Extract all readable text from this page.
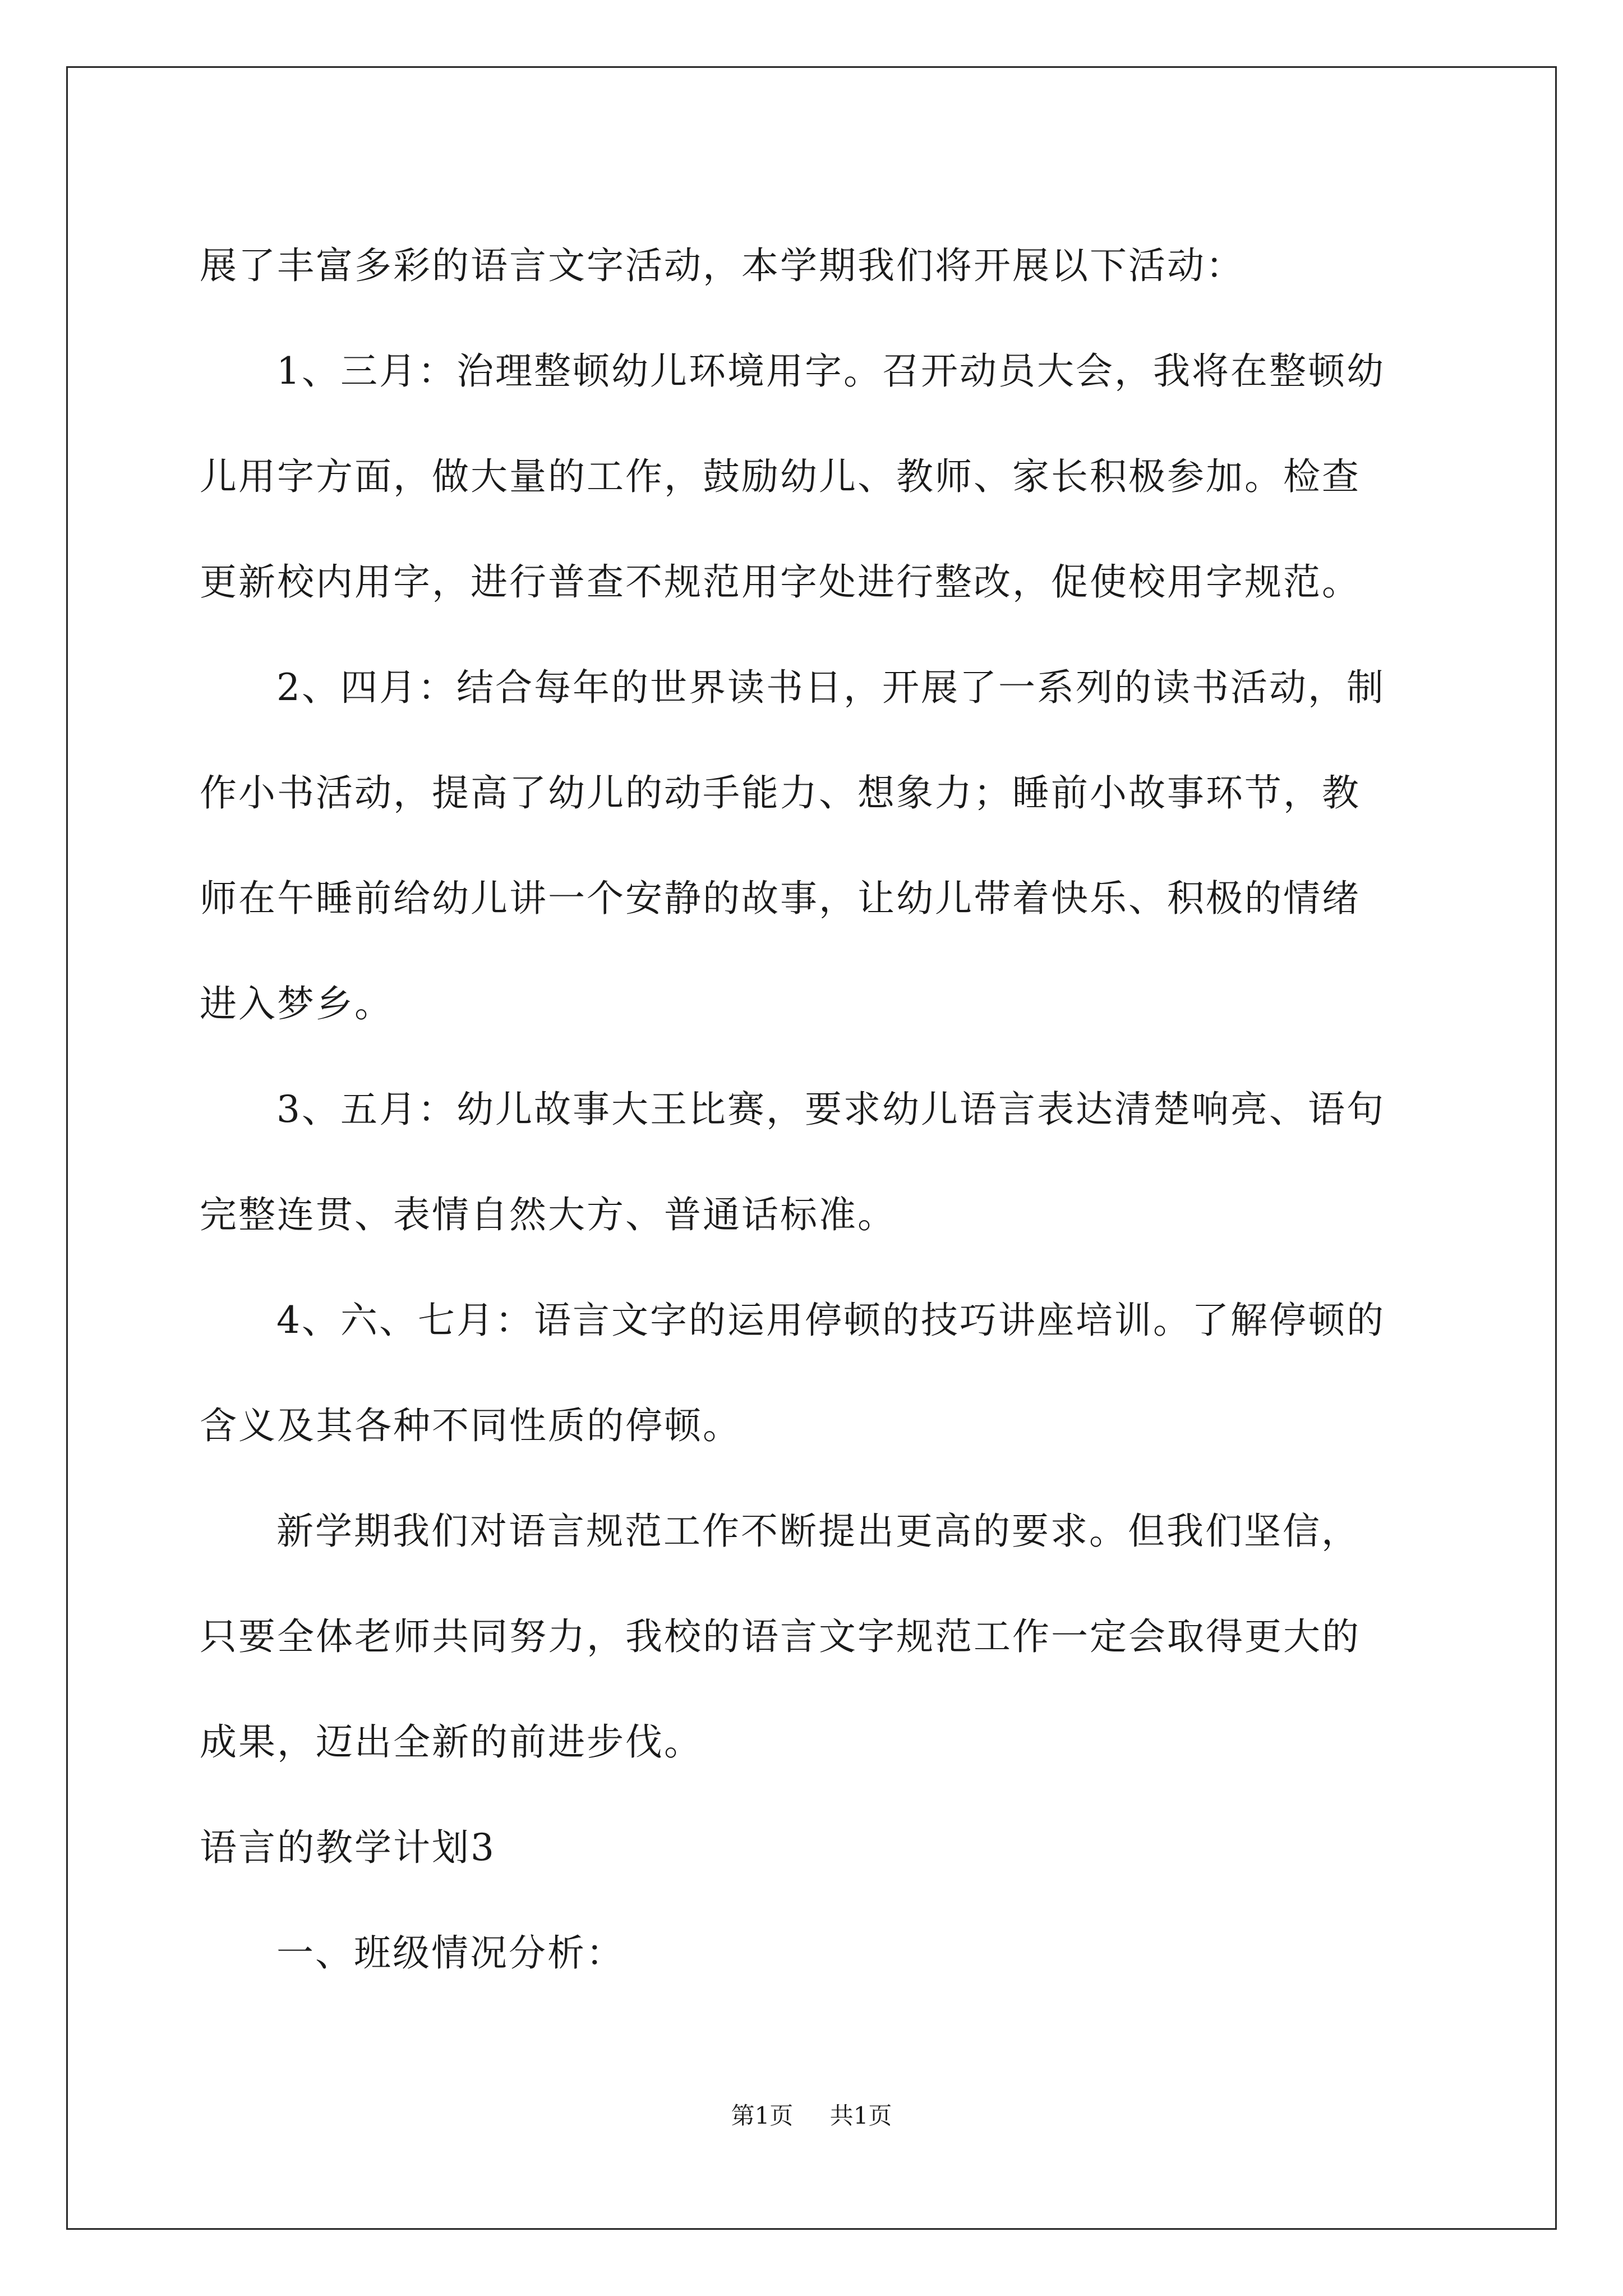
展了丰富多彩的语言文字活动，本学期我们将开展以下活动：
1、三月：治理整顿幼儿环境用字。召开动员大会，我将在整顿幼
儿用字方面，做大量的工作，鼓励幼儿、教师、家长积极参加。检查
更新校内用字，进行普查不规范用字处进行整改，促使校用字规范。
2、四月：结合每年的世界读书日，开展了一系列的读书活动，制
作小书活动，提高了幼儿的动手能力、想象力；睡前小故事环节，教
师在午睡前给幼儿讲一个安静的故事，让幼儿带着快乐、积极的情绪
进入梦乡。
3、五月：幼儿故事大王比赛，要求幼儿语言表达清楚响亮、语句
完整连贯、表情自然大方、普通话标准。
4、六、七月：语言文字的运用停顿的技巧讲座培训。了解停顿的
含义及其各种不同性质的停顿。
新学期我们对语言规范工作不断提出更高的要求。但我们坚信，
只要全体老师共同努力，我校的语言文字规范工作一定会取得更大的
成果，迈出全新的前进步伐。
语言的教学计划3
一、班级情况分析：
第1页 共1页
